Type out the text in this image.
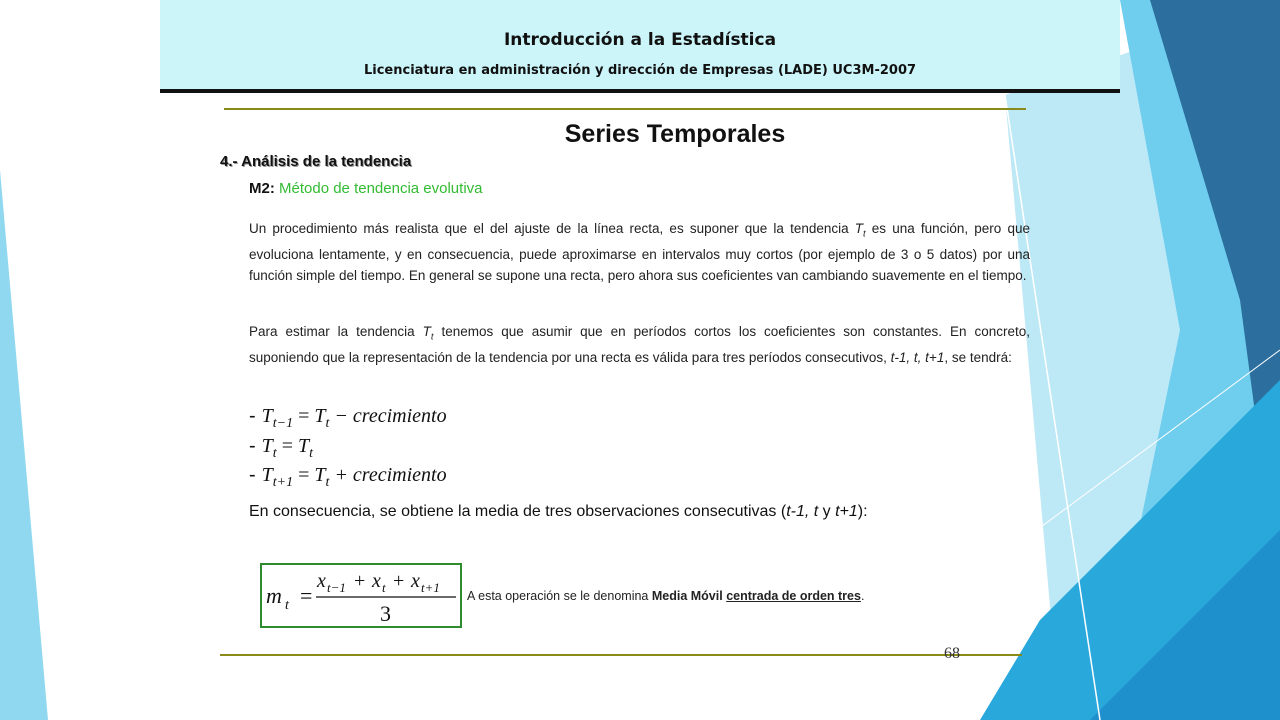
Introducción a la Estadística
Licenciatura en administración y dirección de Empresas (LADE) UC3M-2007
Series Temporales
4.- Análisis de la tendencia
M2: Método de tendencia evolutiva
Un procedimiento más realista que el del ajuste de la línea recta, es suponer que la tendencia $T_t$ es una función, pero que evoluciona lentamente, y en consecuencia, puede aproximarse en intervalos muy cortos (por ejemplo de 3 o 5 datos) por una función simple del tiempo. En general se supone una recta, pero ahora sus coeficientes van cambiando suavemente en el tiempo.
Para estimar la tendencia $T_t$ tenemos que asumir que en períodos cortos los coeficientes son constantes. En concreto, suponiendo que la representación de la tendencia por una recta es válida para tres períodos consecutivos, t-1, t, t+1, se tendrá:
- $T_{t-1} = T_t$ − crecimiento
- $T_t = T_t$
- $T_{t+1} = T_t$ + crecimiento
En consecuencia, se obtiene la media de tres observaciones consecutivas (t-1, t y t+1):
m t =
x t−1 + x t + x t+1
3
A esta operación se le denomina Media Móvil centrada de orden tres.
68
